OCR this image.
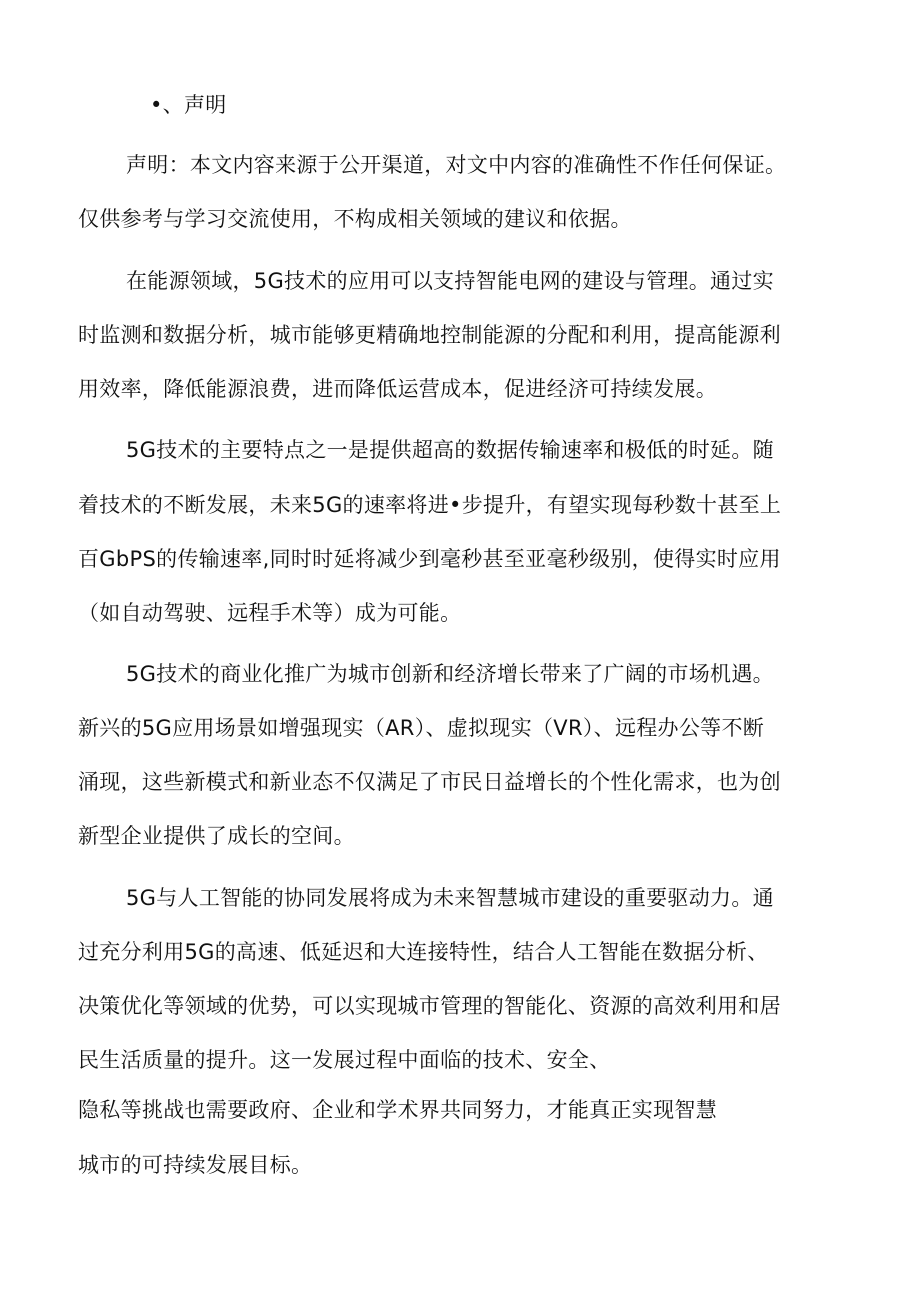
•、声明
声明：本文内容来源于公开渠道，对文中内容的准确性不作任何保证。
仅供参考与学习交流使用，不构成相关领域的建议和依据。
在能源领域，5G技术的应用可以支持智能电网的建设与管理。通过实
时监测和数据分析，城市能够更精确地控制能源的分配和利用，提高能源利
用效率，降低能源浪费，进而降低运营成本，促进经济可持续发展。
5G技术的主要特点之一是提供超高的数据传输速率和极低的时延。随
着技术的不断发展，未来5G的速率将进•步提升，有望实现每秒数十甚至上
百GbPS的传输速率,同时时延将减少到毫秒甚至亚毫秒级别，使得实时应用
（如自动驾驶、远程手术等）成为可能。
5G技术的商业化推广为城市创新和经济增长带来了广阔的市场机遇。
新兴的5G应用场景如增强现实（AR）、虚拟现实（VR）、远程办公等不断
涌现，这些新模式和新业态不仅满足了市民日益增长的个性化需求，也为创
新型企业提供了成长的空间。
5G与人工智能的协同发展将成为未来智慧城市建设的重要驱动力。通
过充分利用5G的高速、低延迟和大连接特性，结合人工智能在数据分析、
决策优化等领域的优势，可以实现城市管理的智能化、资源的高效利用和居
民生活质量的提升。这一发展过程中面临的技术、安全、
隐私等挑战也需要政府、企业和学术界共同努力，才能真正实现智慧
城市的可持续发展目标。
